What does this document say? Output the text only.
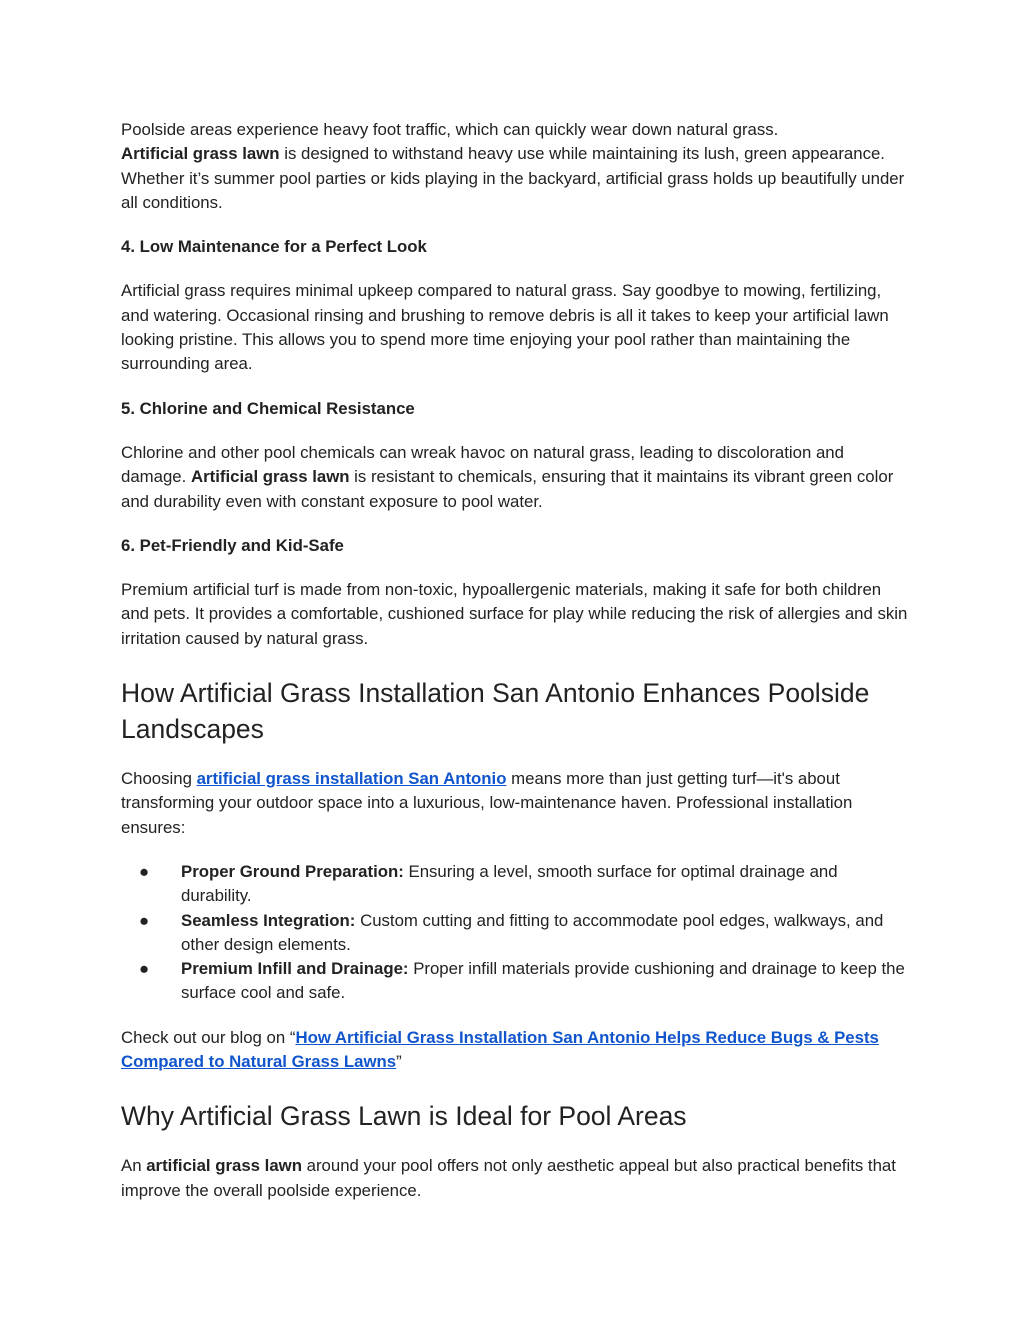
Poolside areas experience heavy foot traffic, which can quickly wear down natural grass.
Artificial grass lawn is designed to withstand heavy use while maintaining its lush, green appearance. Whether it’s summer pool parties or kids playing in the backyard, artificial grass holds up beautifully under all conditions.

4. Low Maintenance for a Perfect Look

Artificial grass requires minimal upkeep compared to natural grass. Say goodbye to mowing, fertilizing, and watering. Occasional rinsing and brushing to remove debris is all it takes to keep your artificial lawn looking pristine. This allows you to spend more time enjoying your pool rather than maintaining the surrounding area.

5. Chlorine and Chemical Resistance

Chlorine and other pool chemicals can wreak havoc on natural grass, leading to discoloration and damage. Artificial grass lawn is resistant to chemicals, ensuring that it maintains its vibrant green color and durability even with constant exposure to pool water.

6. Pet-Friendly and Kid-Safe

Premium artificial turf is made from non-toxic, hypoallergenic materials, making it safe for both children and pets. It provides a comfortable, cushioned surface for play while reducing the risk of allergies and skin irritation caused by natural grass.

How Artificial Grass Installation San Antonio Enhances Poolside Landscapes

Choosing artificial grass installation San Antonio means more than just getting turf—it's about transforming your outdoor space into a luxurious, low-maintenance haven. Professional installation ensures:

● Proper Ground Preparation: Ensuring a level, smooth surface for optimal drainage and durability.
● Seamless Integration: Custom cutting and fitting to accommodate pool edges, walkways, and other design elements.
● Premium Infill and Drainage: Proper infill materials provide cushioning and drainage to keep the surface cool and safe.

Check out our blog on “How Artificial Grass Installation San Antonio Helps Reduce Bugs & Pests Compared to Natural Grass Lawns”

Why Artificial Grass Lawn is Ideal for Pool Areas

An artificial grass lawn around your pool offers not only aesthetic appeal but also practical benefits that improve the overall poolside experience.
